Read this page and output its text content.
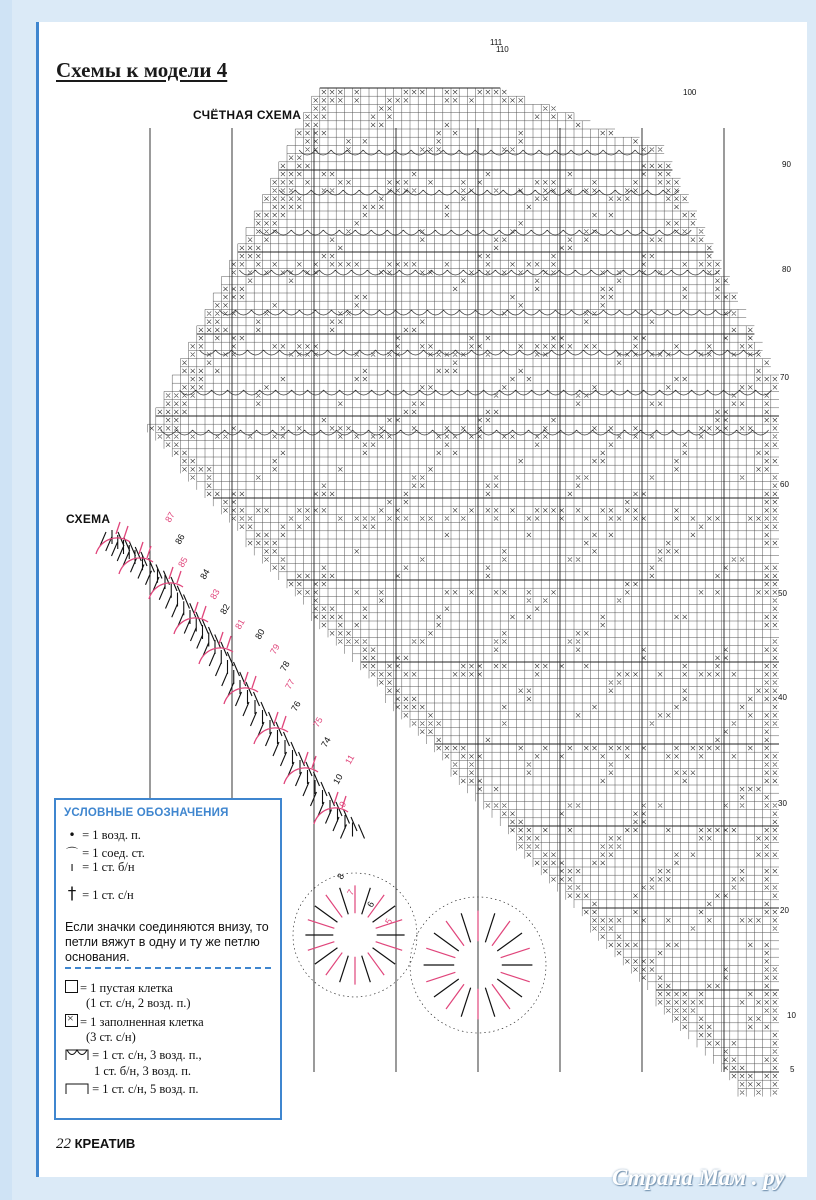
Схемы к модели 4
СЧЁТНАЯ СХЕМА
СХЕМА
111
110
100
90
80
70
60
50
40
30
20
10
5
87
86
85
84
83
82
81
80
79
78
77
76
75
74
11
10
9
8
7
6
5
УСЛОВНЫЕ ОБОЗНАЧЕНИЯ
• = 1 возд. п.
⌒ = 1 соед. ст.
ı = 1 ст. б/н
† = 1 ст. с/н
Если значки соединяются внизу, то петли вяжут в одну и ту же петлю основания.
= 1 пустая клетка
(1 ст. с/н, 2 возд. п.)
×= 1 заполненная клетка
(3 ст. с/н)
= 1 ст. с/н, 3 возд. п.,
1 ст. б/н, 3 возд. п.
= 1 ст. с/н, 5 возд. п.
22 КРЕАТИВ
Страна Мам . ру
